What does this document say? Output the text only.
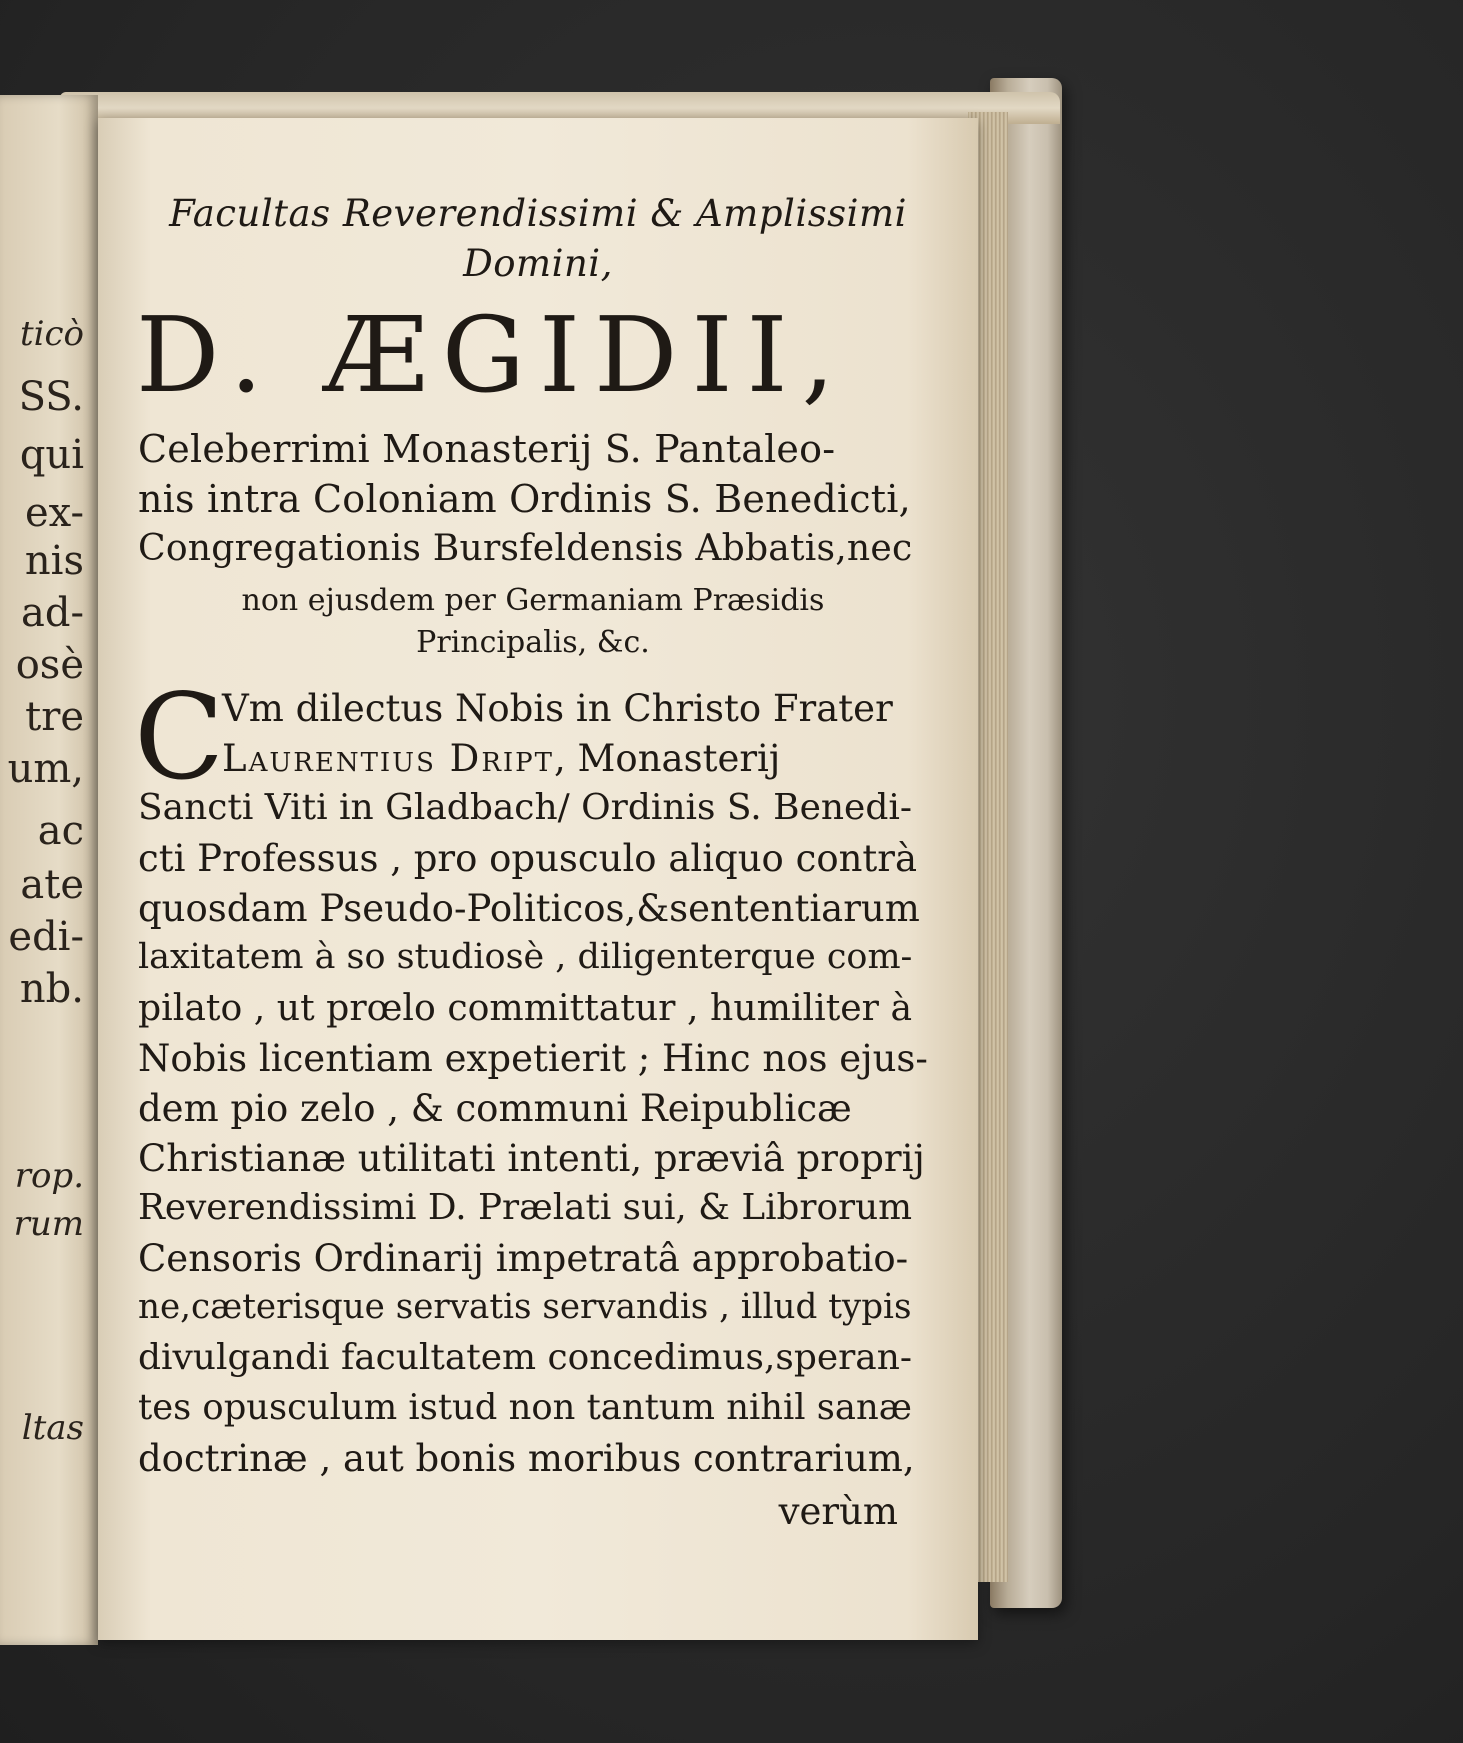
ticò
SS.
qui
ex-
nis
ad-
osè
tre
um,
ac
ate
edi-
nb.
rop.
rum
ltas
Facultas Reverendissimi & Amplissimi
Domini,
D. ÆGIDII,
Celeberrimi Monasterij S. Pantaleo-
nis intra Coloniam Ordinis S. Benedicti,
Congregationis Bursfeldensis Abbatis,nec
non ejusdem per Germaniam Præsidis
Principalis, &c.
C
Vm dilectus Nobis in Christo Frater
Laurentius Dript, Monasterij
Sancti Viti in Gladbach/ Ordinis S. Benedi-
cti Professus , pro opusculo aliquo contrà
quosdam Pseudo-Politicos,&sententiarum
laxitatem à so studiosè , diligenterque com-
pilato , ut prœlo committatur , humiliter à
Nobis licentiam expetierit ; Hinc nos ejus-
dem pio zelo , & communi Reipublicæ
Christianæ utilitati intenti, præviâ proprij
Reverendissimi D. Prælati sui, & Librorum
Censoris Ordinarij impetratâ approbatio-
ne,cæterisque servatis servandis , illud typis
divulgandi facultatem concedimus,speran-
tes opusculum istud non tantum nihil sanæ
doctrinæ , aut bonis moribus contrarium,
verùm
